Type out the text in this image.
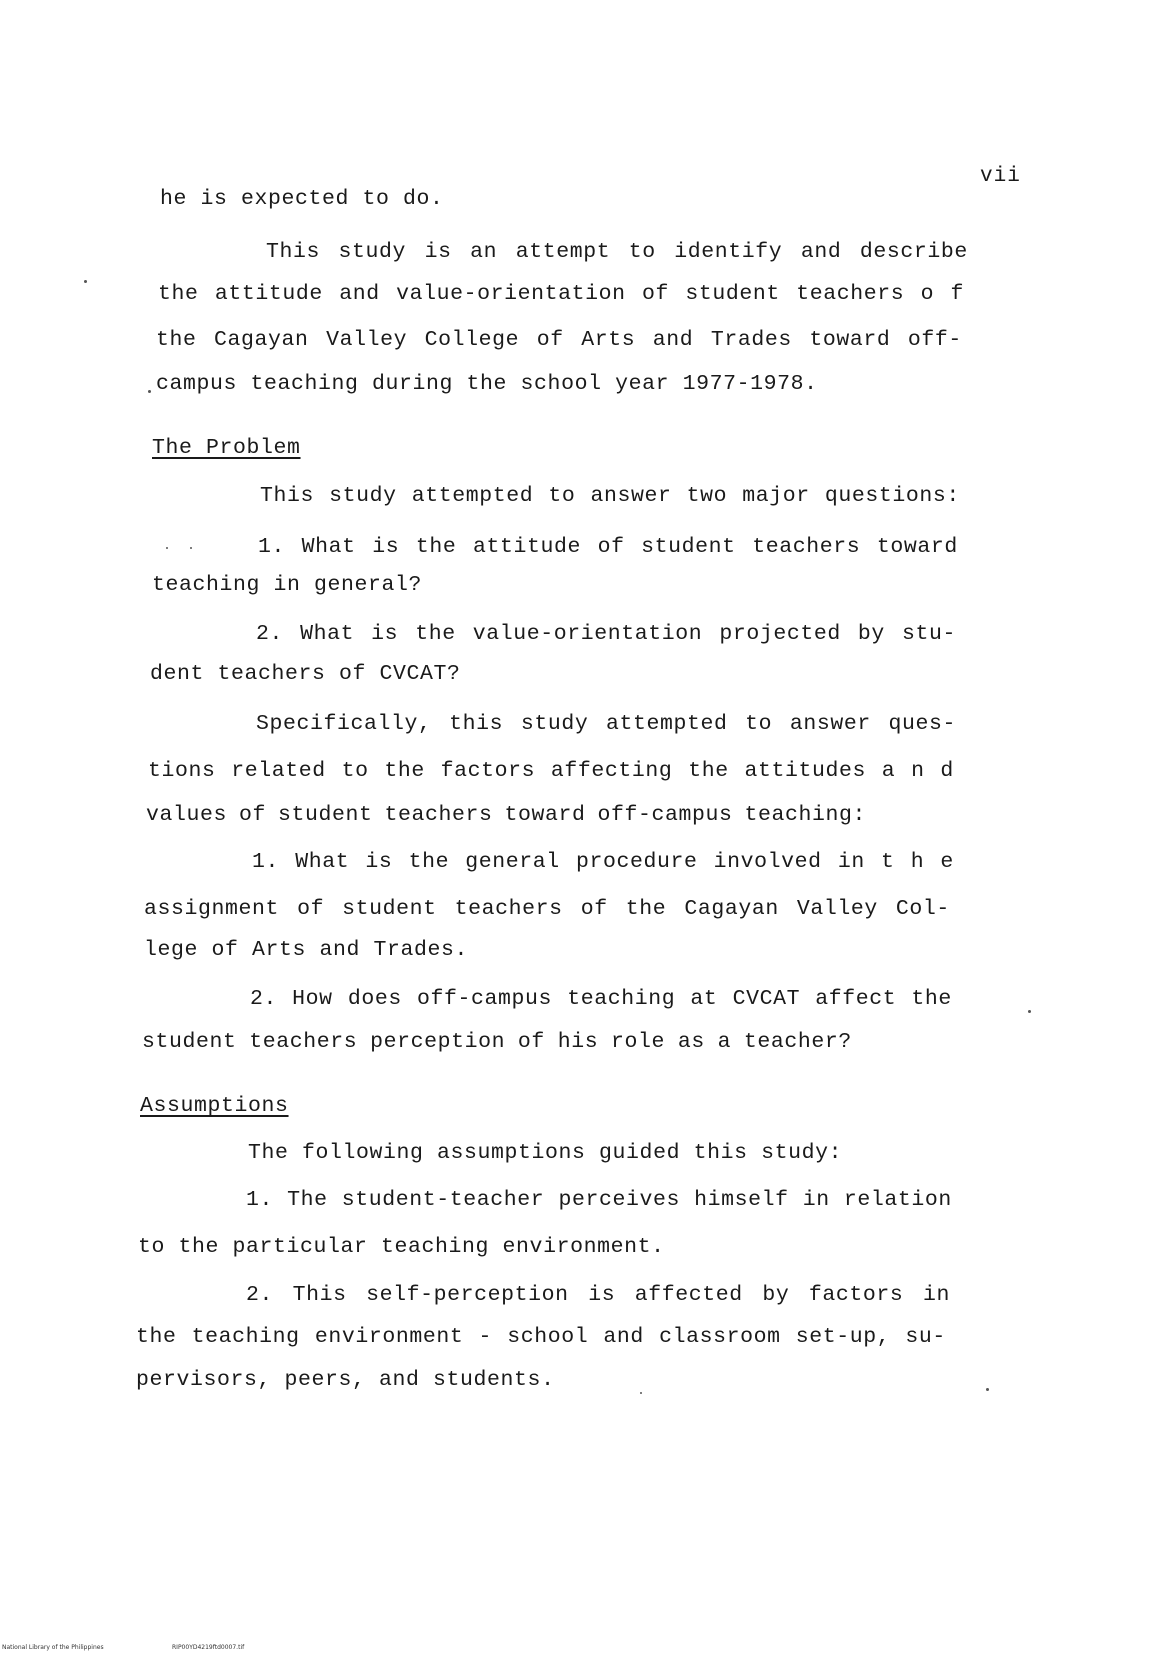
vii
he is expected to do.
This study is an attempt to identify and describe
the attitude and value-orientation of student teachers o f
the Cagayan Valley College of Arts and Trades toward off-
campus teaching during the school year 1977-1978.
The Problem
This study attempted to answer two major questions:
1. What is the attitude of student teachers toward
teaching in general?
2. What is the value-orientation projected by stu-
dent teachers of CVCAT?
Specifically, this study attempted to answer ques-
tions related to the factors affecting the attitudes a n d
values of student teachers toward off-campus teaching:
1. What is the general procedure involved in t h e
assignment of student teachers of the Cagayan Valley Col-
lege of Arts and Trades.
2. How does off-campus teaching at CVCAT affect the
student teachers perception of his role as a teacher?
Assumptions
The following assumptions guided this study:
1. The student-teacher perceives himself in relation
to the particular teaching environment.
2. This self-perception is affected by factors in
the teaching environment - school and classroom set-up, su-
pervisors, peers, and students.
National Library of the Philippines	RIP00YD4219ftd0007.tif
